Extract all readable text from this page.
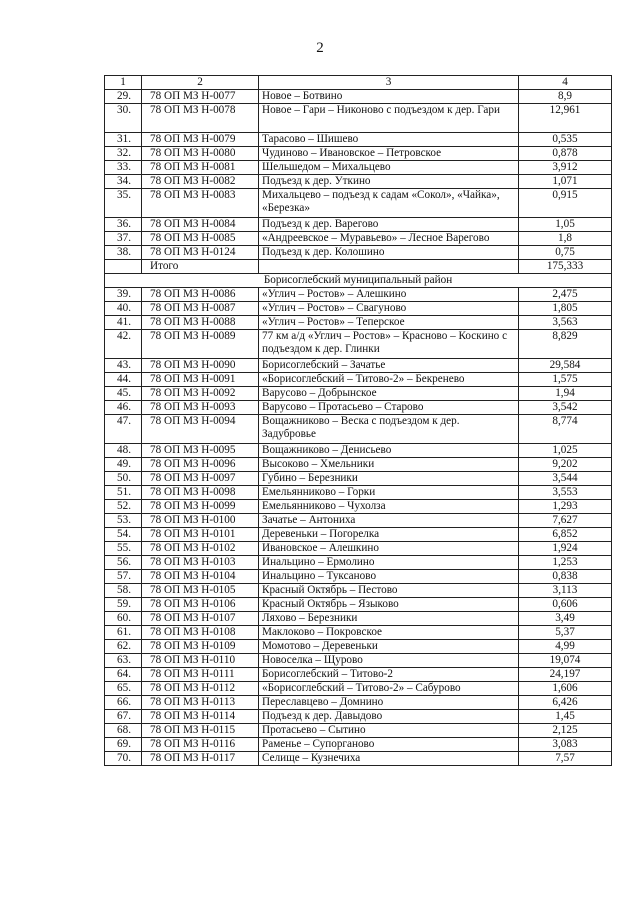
2
1	2	3	4
29.	78 ОП МЗ Н-0077	Новое – Ботвино	8,9
30.	78 ОП МЗ Н-0078	Новое – Гари – Никоново с подъездом к дер. Гари	12,961
31.	78 ОП МЗ Н-0079	Тарасово – Шишево	0,535
32.	78 ОП МЗ Н-0080	Чудиново – Ивановское – Петровское	0,878
33.	78 ОП МЗ Н-0081	Шельшедом – Михальцево	3,912
34.	78 ОП МЗ Н-0082	Подъезд к дер. Уткино	1,071
35.	78 ОП МЗ Н-0083	Михальцево – подъезд к садам «Сокол», «Чайка», «Березка»	0,915
36.	78 ОП МЗ Н-0084	Подъезд к дер. Варегово	1,05
37.	78 ОП МЗ Н-0085	«Андреевское – Муравьево» – Лесное Варегово	1,8
38.	78 ОП МЗ Н-0124	Подъезд к дер. Колошино	0,75
	Итого		175,333
Борисоглебский муниципальный район			
39.	78 ОП МЗ Н-0086	«Углич – Ростов» – Алешкино	2,475
40.	78 ОП МЗ Н-0087	«Углич – Ростов» – Свагуново	1,805
41.	78 ОП МЗ Н-0088	«Углич – Ростов» – Теперское	3,563
42.	78 ОП МЗ Н-0089	77 км а/д «Углич – Ростов» – Красново – Коскино с подъездом к дер. Глинки	8,829
43.	78 ОП МЗ Н-0090	Борисоглебский – Зачатье	29,584
44.	78 ОП МЗ Н-0091	«Борисоглебский – Титово-2» – Бекренево	1,575
45.	78 ОП МЗ Н-0092	Варусово – Добрынское	1,94
46.	78 ОП МЗ Н-0093	Варусово – Протасьево – Старово	3,542
47.	78 ОП МЗ Н-0094	Вощажниково – Веска с подъездом к дер. Задубровье	8,774
48.	78 ОП МЗ Н-0095	Вощажниково – Денисьево	1,025
49.	78 ОП МЗ Н-0096	Высоково – Хмельники	9,202
50.	78 ОП МЗ Н-0097	Губино – Березники	3,544
51.	78 ОП МЗ Н-0098	Емельянниково – Горки	3,553
52.	78 ОП МЗ Н-0099	Емельянниково – Чухолза	1,293
53.	78 ОП МЗ Н-0100	Зачатье – Антониха	7,627
54.	78 ОП МЗ Н-0101	Деревеньки – Погорелка	6,852
55.	78 ОП МЗ Н-0102	Ивановское – Алешкино	1,924
56.	78 ОП МЗ Н-0103	Инальцино – Ермолино	1,253
57.	78 ОП МЗ Н-0104	Инальцино – Туксаново	0,838
58.	78 ОП МЗ Н-0105	Красный Октябрь – Пестово	3,113
59.	78 ОП МЗ Н-0106	Красный Октябрь – Языково	0,606
60.	78 ОП МЗ Н-0107	Ляхово – Березники	3,49
61.	78 ОП МЗ Н-0108	Маклоково – Покровское	5,37
62.	78 ОП МЗ Н-0109	Момотово – Деревеньки	4,99
63.	78 ОП МЗ Н-0110	Новоселка – Щурово	19,074
64.	78 ОП МЗ Н-0111	Борисоглебский – Титово-2	24,197
65.	78 ОП МЗ Н-0112	«Борисоглебский – Титово-2» – Сабурово	1,606
66.	78 ОП МЗ Н-0113	Переславцево – Домнино	6,426
67.	78 ОП МЗ Н-0114	Подъезд к дер. Давыдово	1,45
68.	78 ОП МЗ Н-0115	Протасьево – Сытино	2,125
69.	78 ОП МЗ Н-0116	Раменье – Супорганово	3,083
70.	78 ОП МЗ Н-0117	Селище – Кузнечиха	7,57
